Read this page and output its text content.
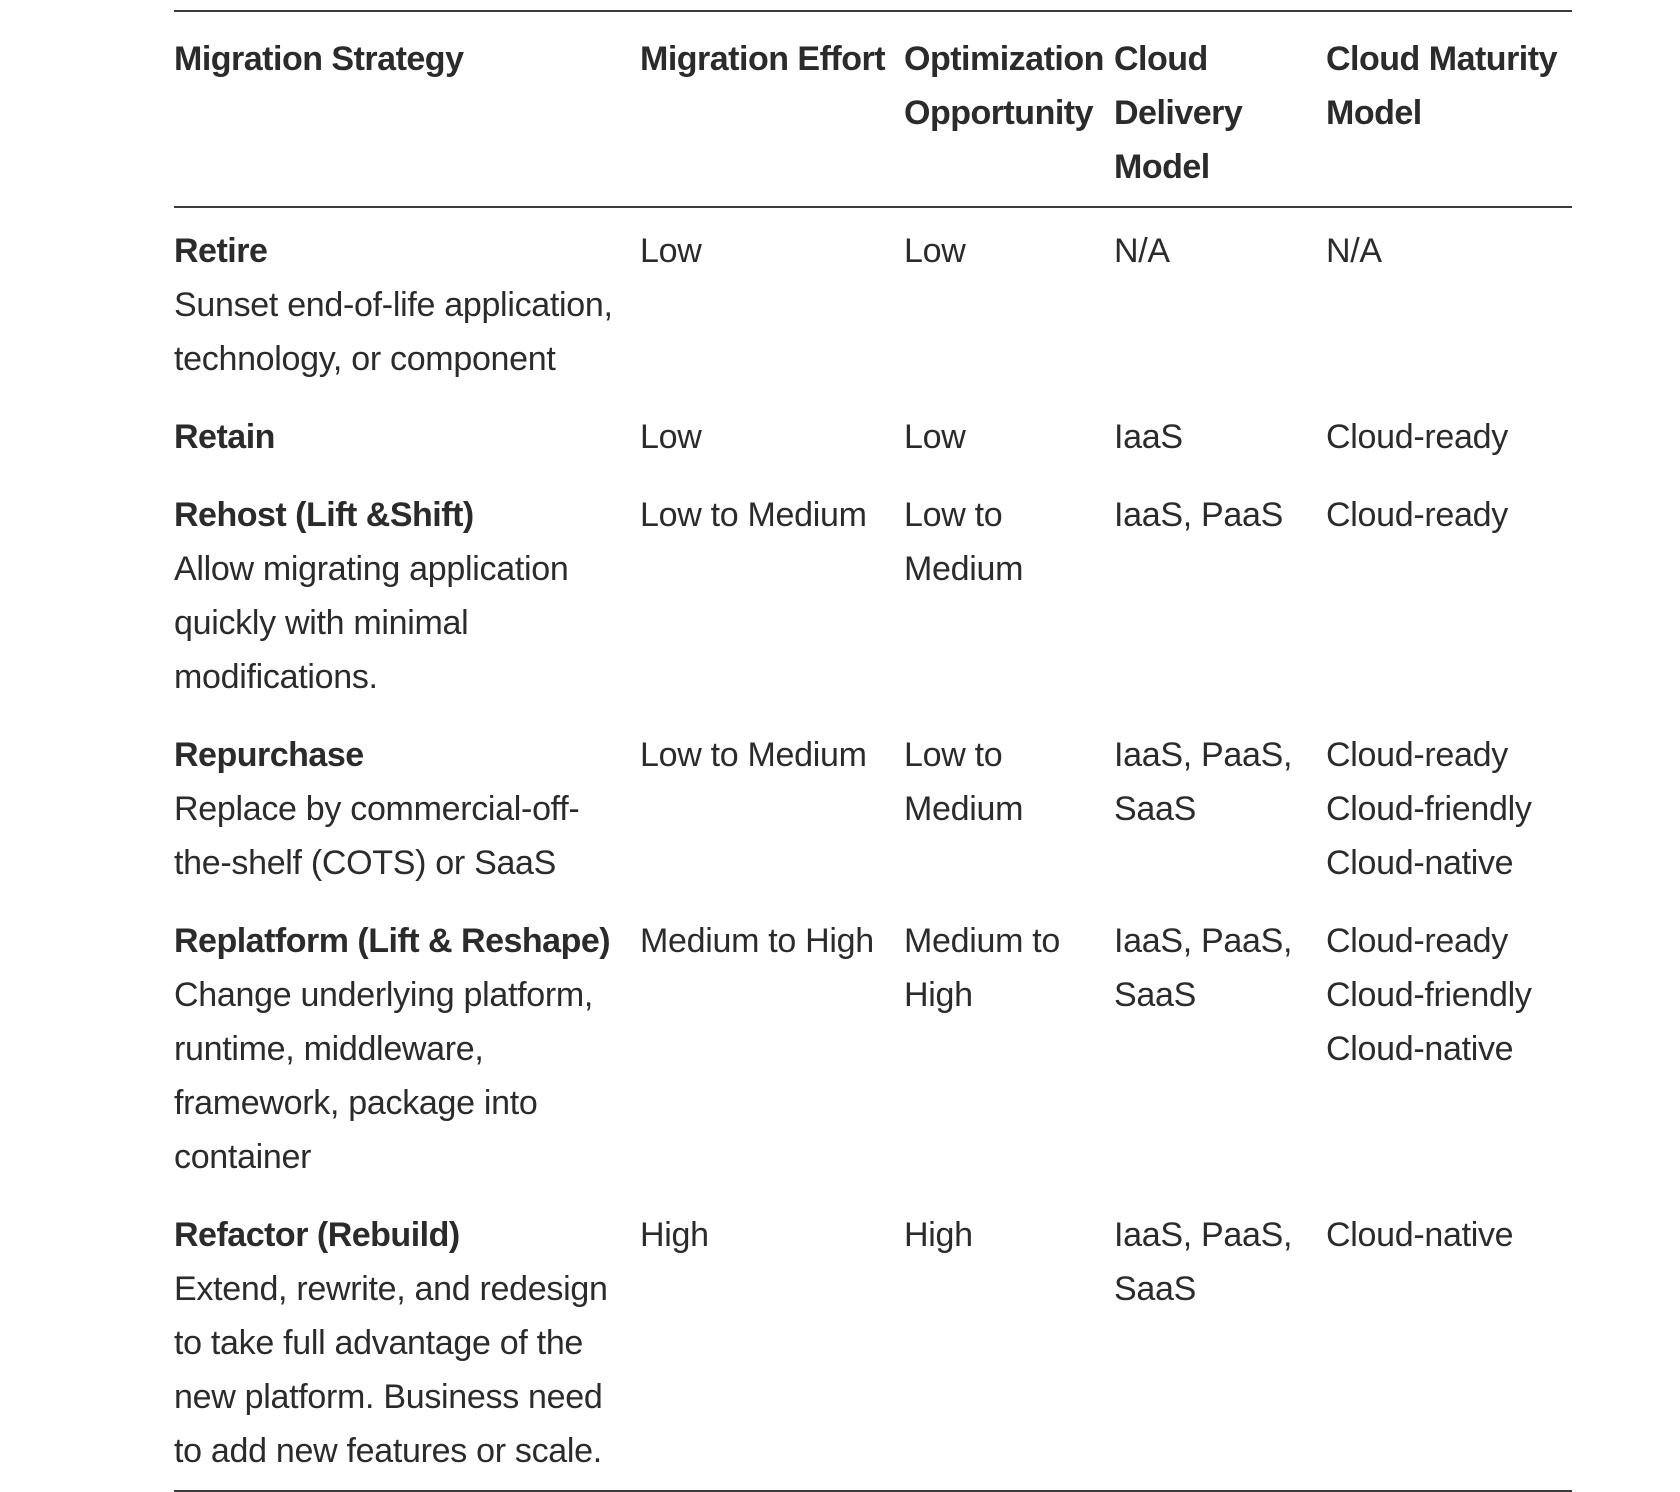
Migration Strategy	Migration Effort	Optimization Opportunity	Cloud Delivery Model	Cloud Maturity Model

Retire
Sunset end-of-life application, technology, or component	Low	Low	N/A	N/A

Retain	Low	Low	IaaS	Cloud-ready

Rehost (Lift &Shift)
Allow migrating application quickly with minimal modifications.	Low to Medium	Low to Medium	IaaS, PaaS	Cloud-ready

Repurchase
Replace by commercial-off-the-shelf (COTS) or SaaS	Low to Medium	Low to Medium	IaaS, PaaS, SaaS	Cloud-ready
Cloud-friendly
Cloud-native

Replatform (Lift & Reshape)
Change underlying platform, runtime, middleware, framework, package into container	Medium to High	Medium to High	IaaS, PaaS, SaaS	Cloud-ready
Cloud-friendly
Cloud-native

Refactor (Rebuild)
Extend, rewrite, and redesign to take full advantage of the new platform. Business need to add new features or scale.	High	High	IaaS, PaaS, SaaS	Cloud-native
